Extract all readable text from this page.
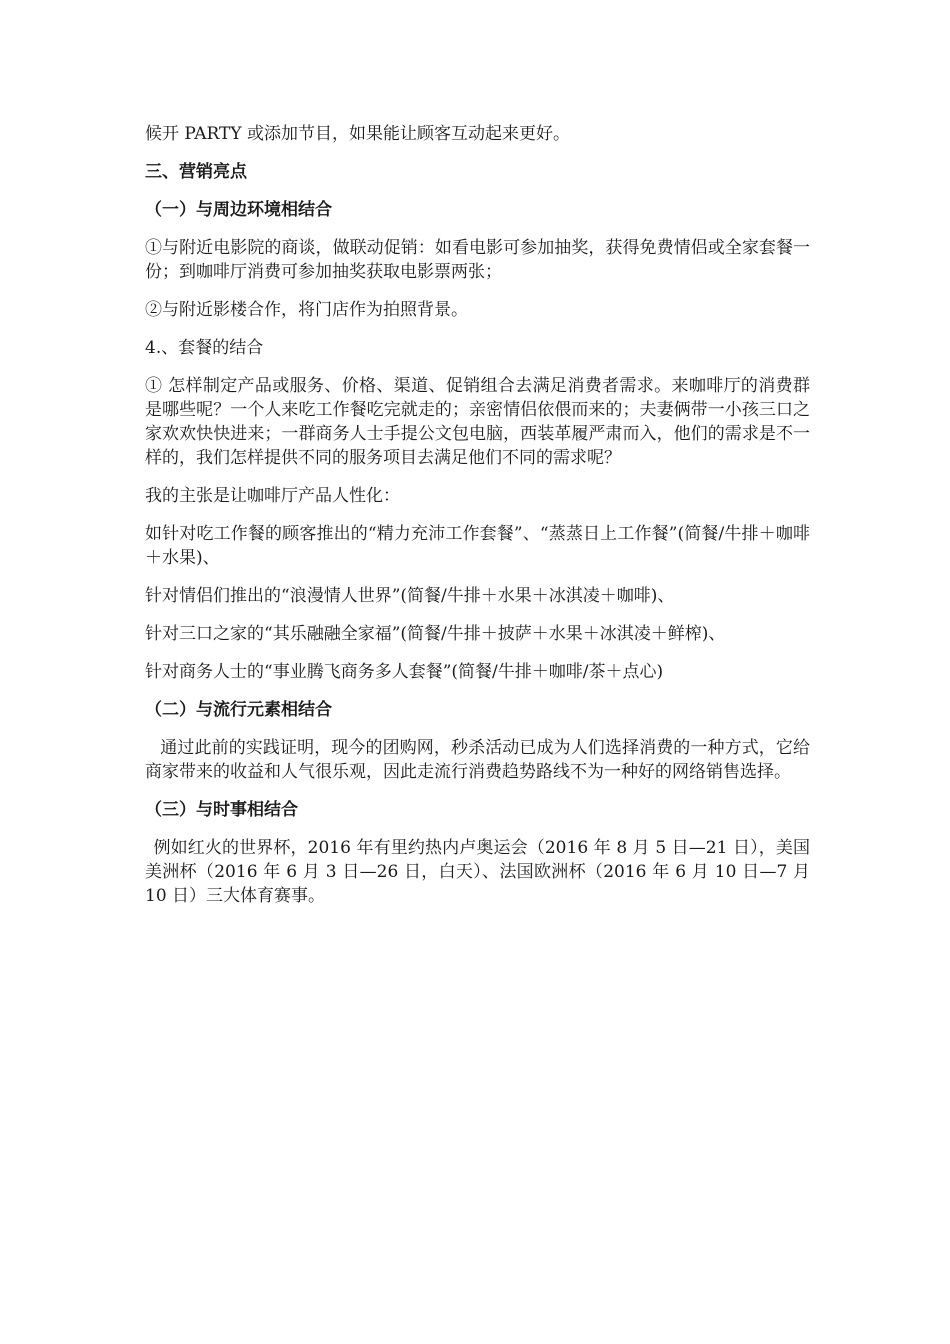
候开 PARTY 或添加节目，如果能让顾客互动起来更好。

三、营销亮点
（一）与周边环境相结合

①与附近电影院的商谈，做联动促销：如看电影可参加抽奖，获得免费情侣或全家套餐一份；到咖啡厅消费可参加抽奖获取电影票两张；

②与附近影楼合作，将门店作为拍照背景。

4.、套餐的结合

① 怎样制定产品或服务、价格、渠道、促销组合去满足消费者需求。来咖啡厅的消费群是哪些呢？一个人来吃工作餐吃完就走的；亲密情侣依偎而来的；夫妻俩带一小孩三口之家欢欢快快进来；一群商务人士手提公文包电脑，西装革履严肃而入，他们的需求是不一样的，我们怎样提供不同的服务项目去满足他们不同的需求呢？

我的主张是让咖啡厅产品人性化：

如针对吃工作餐的顾客推出的“精力充沛工作套餐”、“蒸蒸日上工作餐”(简餐/牛排＋咖啡＋水果)、

针对情侣们推出的“浪漫情人世界”(简餐/牛排＋水果＋冰淇凌＋咖啡)、

针对三口之家的“其乐融融全家福”(简餐/牛排＋披萨＋水果＋冰淇凌＋鲜榨)、

针对商务人士的“事业腾飞商务多人套餐”(简餐/牛排＋咖啡/茶＋点心)

（二）与流行元素相结合

通过此前的实践证明，现今的团购网，秒杀活动已成为人们选择消费的一种方式，它给商家带来的收益和人气很乐观，因此走流行消费趋势路线不为一种好的网络销售选择。

（三）与时事相结合

例如红火的世界杯，2016 年有里约热内卢奥运会（2016 年 8 月 5 日—21 日），美国美洲杯（2016 年 6 月 3 日—26 日，白天）、法国欧洲杯（2016 年 6 月 10 日—7 月 10 日）三大体育赛事。
